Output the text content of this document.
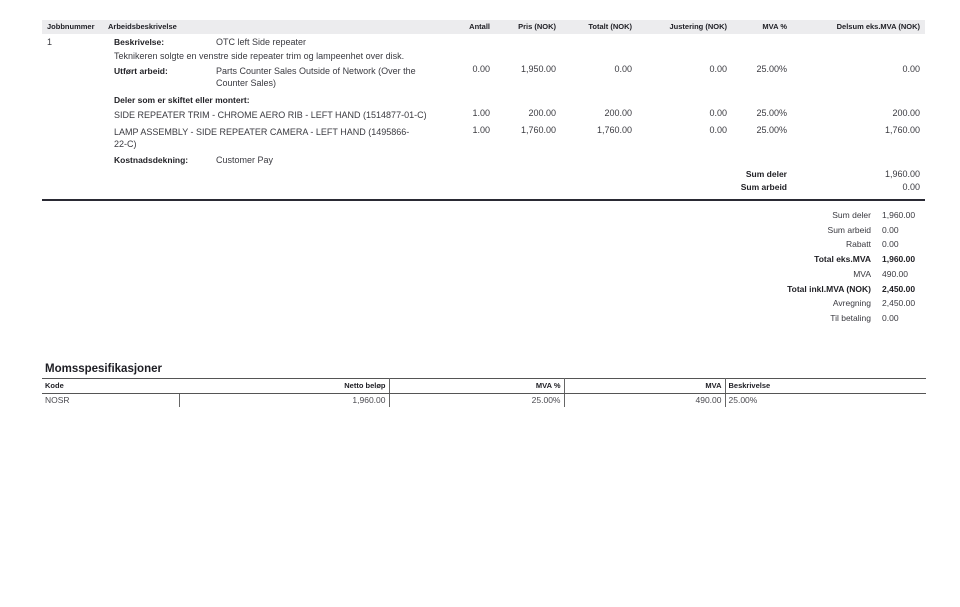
Jobbnummer Arbeidsbeskrivelse	Antall	Pris (NOK)	Totalt (NOK)	Justering (NOK)	MVA %	Delsum eks.MVA (NOK)
1	Beskrivelse:	OTC left Side repeater
Teknikeren solgte en venstre side repeater trim og lampeenhet over disk.
Utført arbeid:	Parts Counter Sales Outside of Network (Over the
Counter Sales)
0.00	1,950.00	0.00	0.00	25.00%	0.00
Deler som er skiftet eller montert:
SIDE REPEATER TRIM - CHROME AERO RIB - LEFT HAND (1514877-01-C)	1.00	200.00	200.00	0.00	25.00%	200.00
LAMP ASSEMBLY - SIDE REPEATER CAMERA - LEFT HAND (1495866-
22-C)
1.00	1,760.00	1,760.00	0.00	25.00%	1,760.00
Kostnadsdekning:	Customer Pay
Sum deler	1,960.00
Sum arbeid	0.00
Sum deler 1,960.00
Sum arbeid 0.00
Rabatt 0.00
Total eks.MVA 1,960.00
MVA 490.00
Total inkl.MVA (NOK) 2,450.00
Avregning 2,450.00
Til betaling 0.00
Momsspesifikasjoner
Kode	Netto beløp	MVA %	MVA	Beskrivelse
NOSR	1,960.00	25.00%	490.00	25.00%
